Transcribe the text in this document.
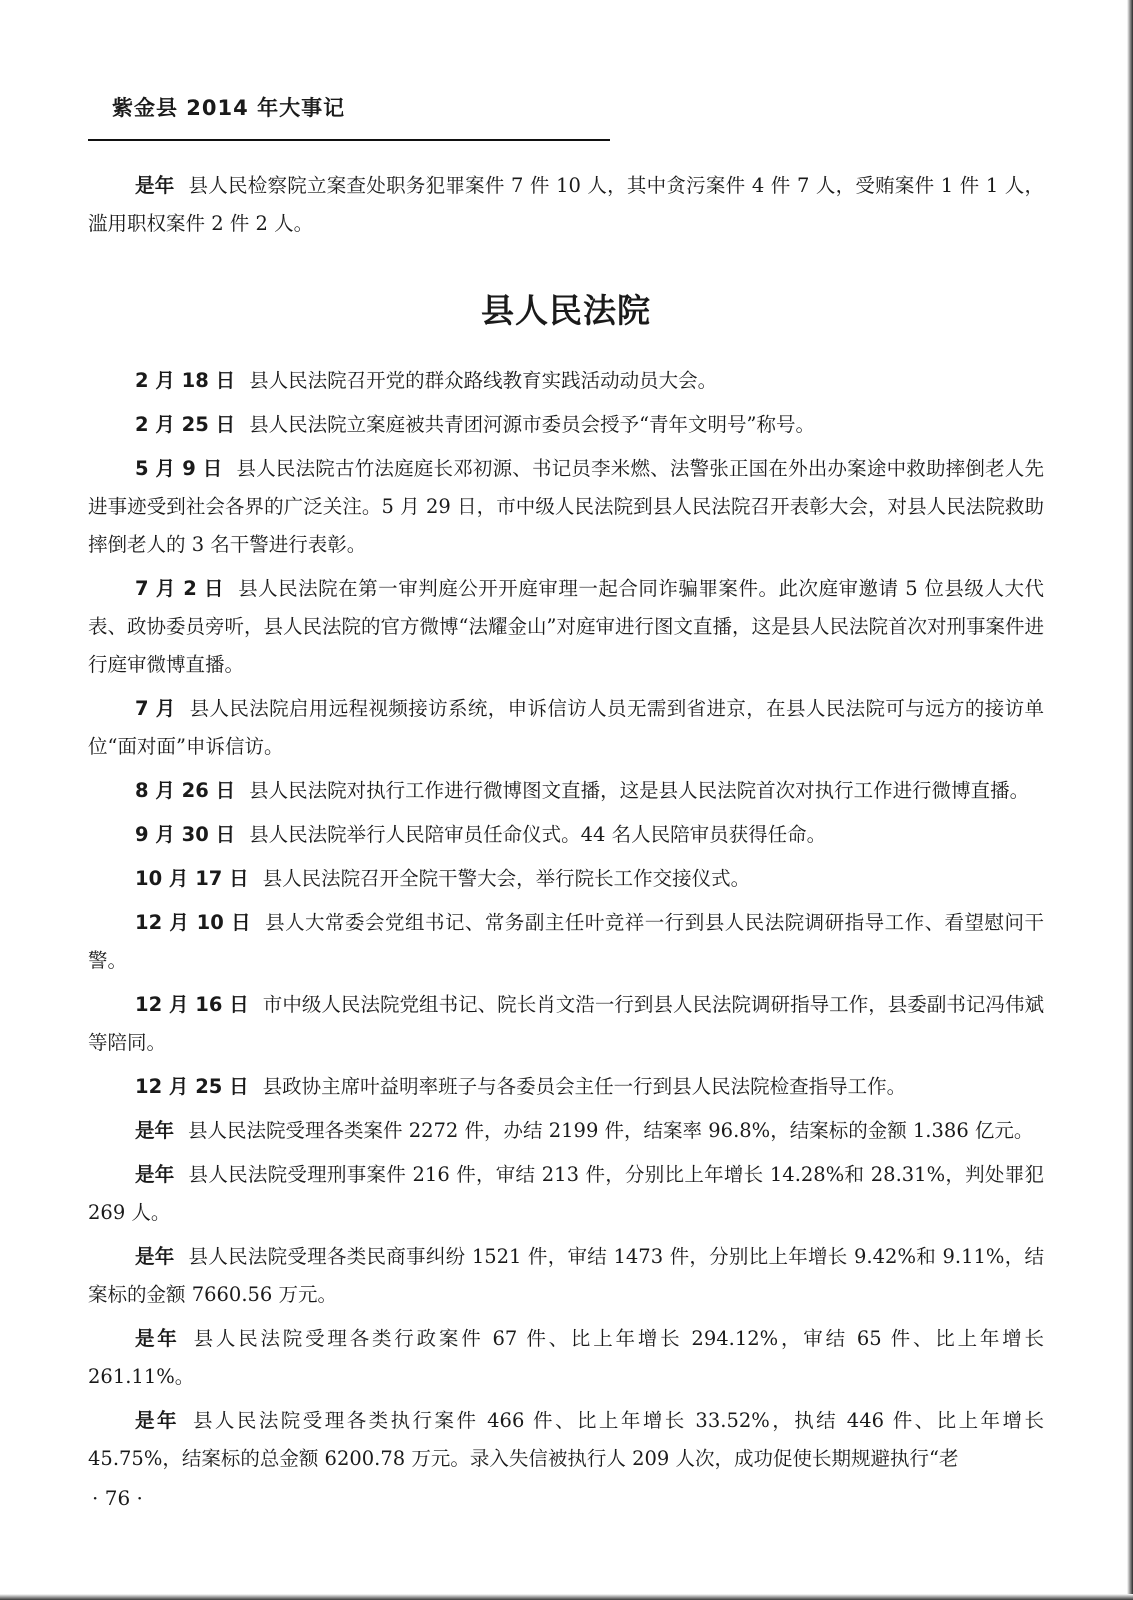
紫金县 2014 年大事记

是年 县人民检察院立案查处职务犯罪案件 7 件 10 人，其中贪污案件 4 件 7 人，受贿案件 1 件 1 人，滥用职权案件 2 件 2 人。

县人民法院

2 月 18 日 县人民法院召开党的群众路线教育实践活动动员大会。

2 月 25 日 县人民法院立案庭被共青团河源市委员会授予“青年文明号”称号。

5 月 9 日 县人民法院古竹法庭庭长邓初源、书记员李米燃、法警张正国在外出办案途中救助摔倒老人先进事迹受到社会各界的广泛关注。5 月 29 日，市中级人民法院到县人民法院召开表彰大会，对县人民法院救助摔倒老人的 3 名干警进行表彰。

7 月 2 日 县人民法院在第一审判庭公开开庭审理一起合同诈骗罪案件。此次庭审邀请 5 位县级人大代表、政协委员旁听，县人民法院的官方微博“法耀金山”对庭审进行图文直播，这是县人民法院首次对刑事案件进行庭审微博直播。

7 月 县人民法院启用远程视频接访系统，申诉信访人员无需到省进京，在县人民法院可与远方的接访单位“面对面”申诉信访。

8 月 26 日 县人民法院对执行工作进行微博图文直播，这是县人民法院首次对执行工作进行微博直播。

9 月 30 日 县人民法院举行人民陪审员任命仪式。44 名人民陪审员获得任命。

10 月 17 日 县人民法院召开全院干警大会，举行院长工作交接仪式。

12 月 10 日 县人大常委会党组书记、常务副主任叶竞祥一行到县人民法院调研指导工作、看望慰问干警。

12 月 16 日 市中级人民法院党组书记、院长肖文浩一行到县人民法院调研指导工作，县委副书记冯伟斌等陪同。

12 月 25 日 县政协主席叶益明率班子与各委员会主任一行到县人民法院检查指导工作。

是年 县人民法院受理各类案件 2272 件，办结 2199 件，结案率 96.8%，结案标的金额 1.386 亿元。

是年 县人民法院受理刑事案件 216 件，审结 213 件，分别比上年增长 14.28%和 28.31%，判处罪犯 269 人。

是年 县人民法院受理各类民商事纠纷 1521 件，审结 1473 件，分别比上年增长 9.42%和 9.11%，结案标的金额 7660.56 万元。

是年 县人民法院受理各类行政案件 67 件、比上年增长 294.12%，审结 65 件、比上年增长 261.11%。

是年 县人民法院受理各类执行案件 466 件、比上年增长 33.52%，执结 446 件、比上年增长 45.75%，结案标的总金额 6200.78 万元。录入失信被执行人 209 人次，成功促使长期规避执行“老

· 76 ·
